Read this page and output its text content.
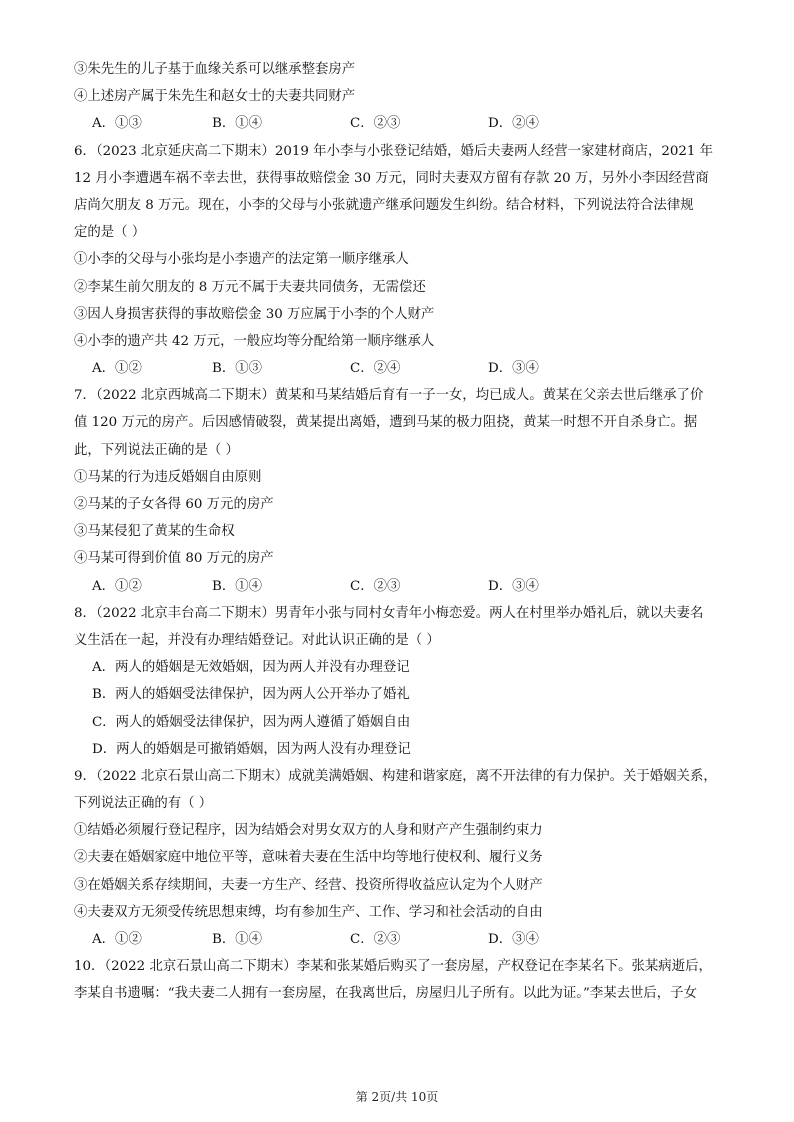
③朱先生的儿子基于血缘关系可以继承整套房产
④上述房产属于朱先生和赵女士的夫妻共同财产
A．①③	B．①④	C．②③	D．②④
6．（2023 北京延庆高二下期末）2019 年小李与小张登记结婚，婚后夫妻两人经营一家建材商店，2021 年
12 月小李遭遇车祸不幸去世，获得事故赔偿金 30 万元，同时夫妻双方留有存款 20 万，另外小李因经营商
店尚欠朋友 8 万元。现在，小李的父母与小张就遗产继承问题发生纠纷。结合材料，下列说法符合法律规
定的是（ ）
①小李的父母与小张均是小李遗产的法定第一顺序继承人
②李某生前欠朋友的 8 万元不属于夫妻共同债务，无需偿还
③因人身损害获得的事故赔偿金 30 万应属于小李的个人财产
④小李的遗产共 42 万元，一般应均等分配给第一顺序继承人
A．①②	B．①③	C．②④	D．③④
7．（2022 北京西城高二下期末）黄某和马某结婚后育有一子一女，均已成人。黄某在父亲去世后继承了价
值 120 万元的房产。后因感情破裂，黄某提出离婚，遭到马某的极力阻挠，黄某一时想不开自杀身亡。据
此，下列说法正确的是（ ）
①马某的行为违反婚姻自由原则
②马某的子女各得 60 万元的房产
③马某侵犯了黄某的生命权
④马某可得到价值 80 万元的房产
A．①②	B．①④	C．②③	D．③④
8．（2022 北京丰台高二下期末）男青年小张与同村女青年小梅恋爱。两人在村里举办婚礼后，就以夫妻名
义生活在一起，并没有办理结婚登记。对此认识正确的是（ ）
A．两人的婚姻是无效婚姻，因为两人并没有办理登记
B．两人的婚姻受法律保护，因为两人公开举办了婚礼
C．两人的婚姻受法律保护，因为两人遵循了婚姻自由
D．两人的婚姻是可撤销婚姻，因为两人没有办理登记
9．（2022 北京石景山高二下期末）成就美满婚姻、构建和谐家庭，离不开法律的有力保护。关于婚姻关系，
下列说法正确的有（ ）
①结婚必须履行登记程序，因为结婚会对男女双方的人身和财产产生强制约束力
②夫妻在婚姻家庭中地位平等，意味着夫妻在生活中均等地行使权利、履行义务
③在婚姻关系存续期间，夫妻一方生产、经营、投资所得收益应认定为个人财产
④夫妻双方无须受传统思想束缚，均有参加生产、工作、学习和社会活动的自由
A．①②	B．①④	C．②③	D．③④
10．（2022 北京石景山高二下期末）李某和张某婚后购买了一套房屋，产权登记在李某名下。张某病逝后，
李某自书遗嘱：“我夫妻二人拥有一套房屋，在我离世后，房屋归儿子所有。以此为证。”李某去世后，子女
第 2页/共 10页
